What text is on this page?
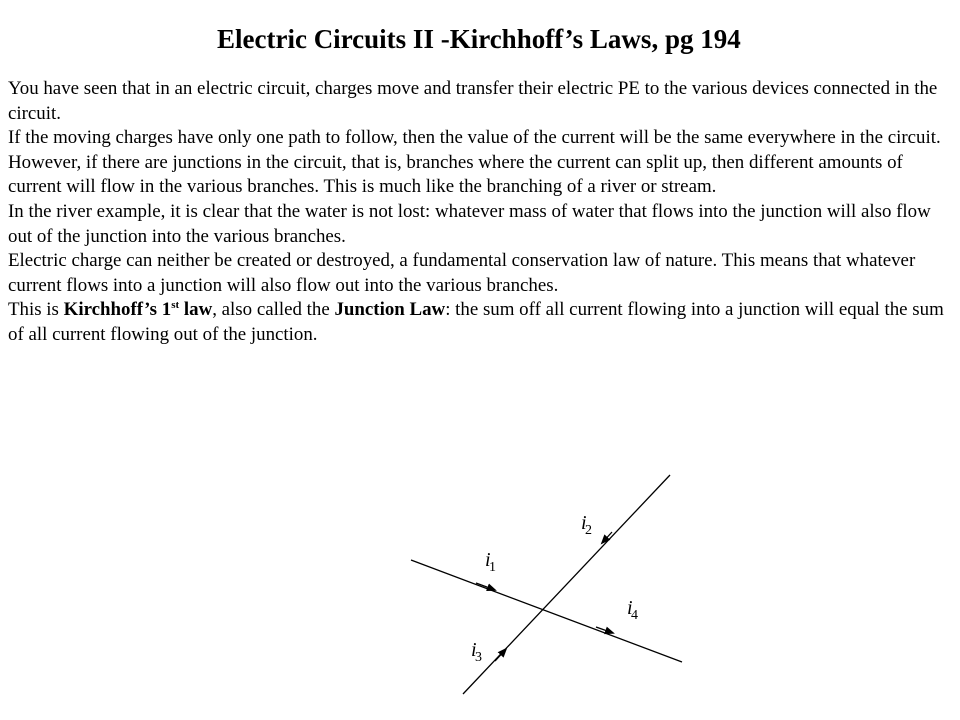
Electric Circuits II -Kirchhoff’s Laws, pg 194

You have seen that in an electric circuit, charges move and transfer their electric PE to the various devices connected in the circuit.

If the moving charges have only one path to follow, then the value of the current will be the same everywhere in the circuit.

However, if there are junctions in the circuit, that is, branches where the current can split up, then different amounts of current will flow in the various branches. This is much like the branching of a river or stream.

In the river example, it is clear that the water is not lost: whatever mass of water that flows into the junction will also flow out of the junction into the various branches.

Electric charge can neither be created or destroyed, a fundamental conservation law of nature. This means that whatever current flows into a junction will also flow out into the various branches.

This is Kirchhoff’s 1st law, also called the Junction Law: the sum off all current flowing into a junction will equal the sum of all current flowing out of the junction.

i
1
i
2
i
3
i
4
